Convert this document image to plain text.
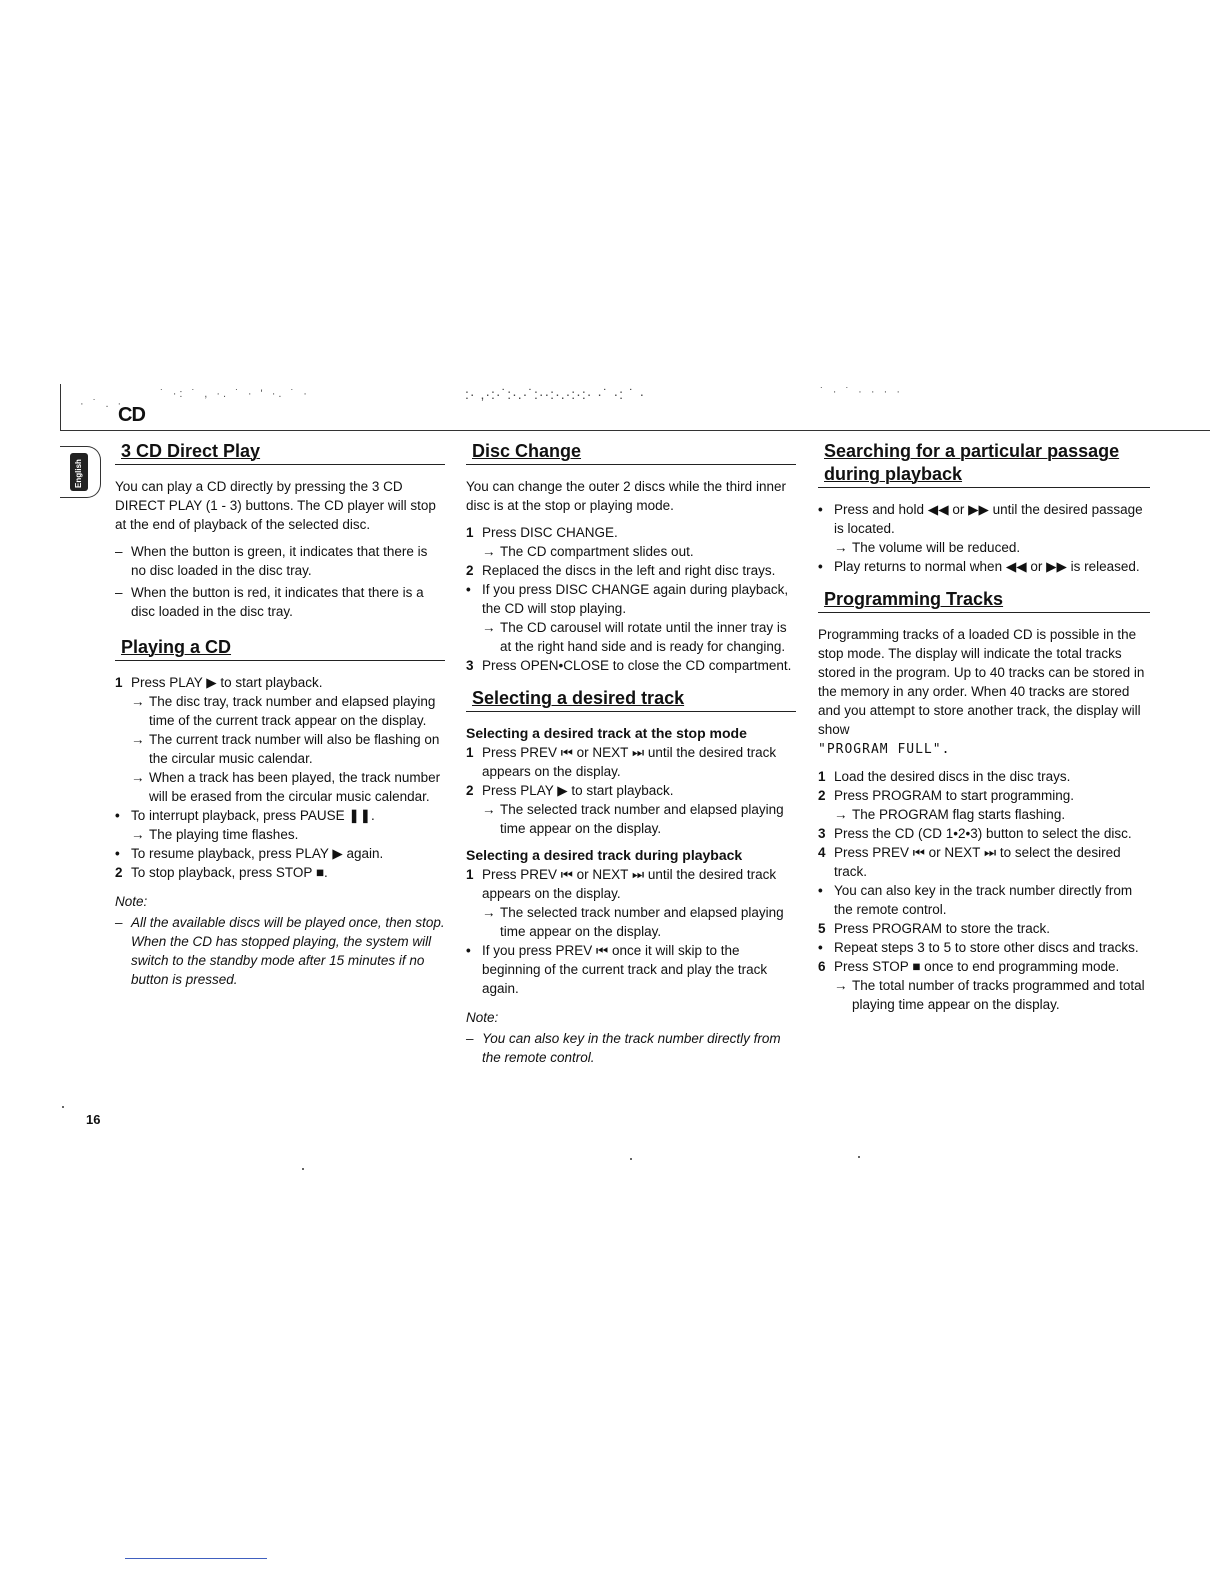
CD
· ˙ . ·
˙ ·: ˙ , ·. ˙ · ' ·. ˙ ·	:· ,·:·˙:·.·˙:··:·.·:·:· ·˙ ·: ˙ ·	˙ · ˙ · · · ·
English
3 CD Direct Play

You can play a CD directly by pressing the 3 CD DIRECT PLAY (1 - 3) buttons. The CD player will stop at the end of playback of the selected disc.

– When the button is green, it indicates that there is no disc loaded in the disc tray.
– When the button is red, it indicates that there is a disc loaded in the disc tray.
Playing a CD
1 Press PLAY ▶ to start playback.
→ The disc tray, track number and elapsed playing time of the current track appear on the display.
→ The current track number will also be flashing on the circular music calendar.
→ When a track has been played, the track number will be erased from the circular music calendar.
• To interrupt playback, press PAUSE ❚❚.
→ The playing time flashes.
• To resume playback, press PLAY ▶ again.
2 To stop playback, press STOP ■.
Note:
– All the available discs will be played once, then stop. When the CD has stopped playing, the system will switch to the standby mode after 15 minutes if no button is pressed.
Disc Change

You can change the outer 2 discs while the third inner disc is at the stop or playing mode.

1 Press DISC CHANGE.
→ The CD compartment slides out.
2 Replaced the discs in the left and right disc trays.
• If you press DISC CHANGE again during playback, the CD will stop playing.
→ The CD carousel will rotate until the inner tray is at the right hand side and is ready for changing.
3 Press OPEN•CLOSE to close the CD compartment.
Selecting a desired track
Selecting a desired track at the stop mode
1 Press PREV ⏮ or NEXT ⏭ until the desired track appears on the display.
2 Press PLAY ▶ to start playback.
→ The selected track number and elapsed playing time appear on the display.
Selecting a desired track during playback
1 Press PREV ⏮ or NEXT ⏭ until the desired track appears on the display.
→ The selected track number and elapsed playing time appear on the display.
• If you press PREV ⏮ once it will skip to the beginning of the current track and play the track again.
Note:
– You can also key in the track number directly from the remote control.
Searching for a particular passage during playback
• Press and hold ◀◀ or ▶▶ until the desired passage is located.
→ The volume will be reduced.
• Play returns to normal when ◀◀ or ▶▶ is released.
Programming Tracks

Programming tracks of a loaded CD is possible in the stop mode. The display will indicate the total tracks stored in the program. Up to 40 tracks can be stored in the memory in any order. When 40 tracks are stored and you attempt to store another track, the display will show
"PROGRAM FULL".

1 Load the desired discs in the disc trays.
2 Press PROGRAM to start programming.
→ The PROGRAM flag starts flashing.
3 Press the CD (CD 1•2•3) button to select the disc.
4 Press PREV ⏮ or NEXT ⏭ to select the desired track.
• You can also key in the track number directly from the remote control.
5 Press PROGRAM to store the track.
• Repeat steps 3 to 5 to store other discs and tracks.
6 Press STOP ■ once to end programming mode.
→ The total number of tracks programmed and total playing time appear on the display.
16
